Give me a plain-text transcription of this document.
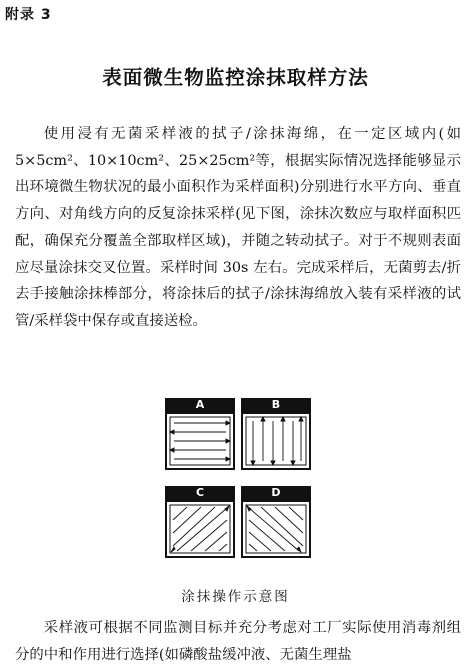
附录 3
表面微生物监控涂抹取样方法

使用浸有无菌采样液的拭子/涂抹海绵，在一定区域内(如 5×5cm²、10×10cm²、25×25cm²等，根据实际情况选择能够显示出环境微生物状况的最小面积作为采样面积)分别进行水平方向、垂直方向、对角线方向的反复涂抹采样(见下图，涂抹次数应与取样面积匹配，确保充分覆盖全部取样区域)，并随之转动拭子。对于不规则表面应尽量涂抹交叉位置。采样时间 30s 左右。完成采样后，无菌剪去/折去手接触涂抹棒部分，将涂抹后的拭子/涂抹海绵放入装有采样液的试管/采样袋中保存或直接送检。

A	B
C	D
涂抹操作示意图

采样液可根据不同监测目标并充分考虑对工厂实际使用消毒剂组分的中和作用进行选择(如磷酸盐缓冲液、无菌生理盐
